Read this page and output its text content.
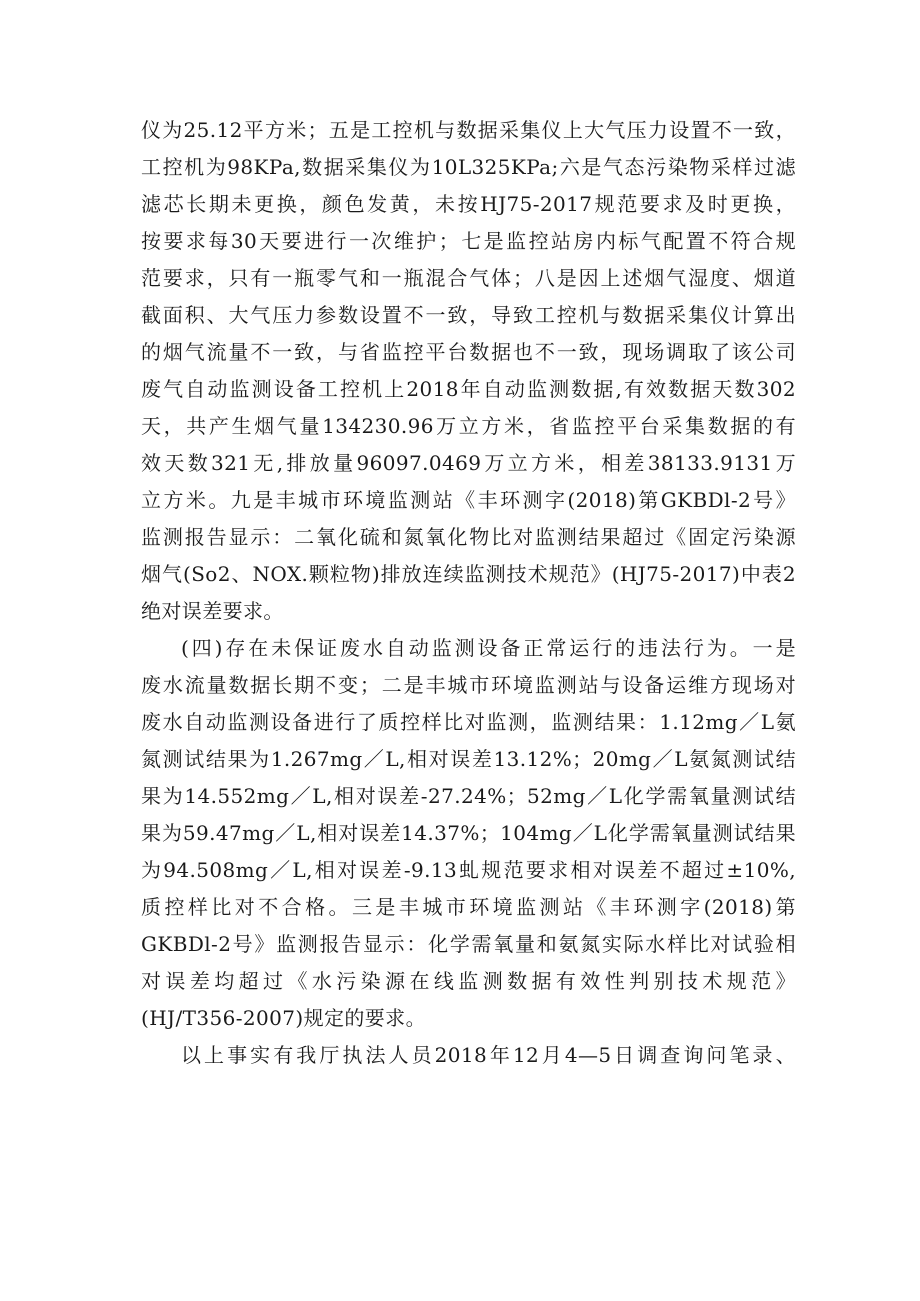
仪为25.12平方米；五是工控机与数据采集仪上大气压力设置不一致，
工控机为98KPa,数据采集仪为10L325KPa;六是气态污染物采样过滤
滤芯长期未更换，颜色发黄，未按HJ75-2017规范要求及时更换，
按要求每30天要进行一次维护；七是监控站房内标气配置不符合规
范要求，只有一瓶零气和一瓶混合气体；八是因上述烟气湿度、烟道
截面积、大气压力参数设置不一致，导致工控机与数据采集仪计算出
的烟气流量不一致，与省监控平台数据也不一致，现场调取了该公司
废气自动监测设备工控机上2018年自动监测数据,有效数据天数302
天，共产生烟气量134230.96万立方米，省监控平台采集数据的有
效天数321无,排放量96097.0469万立方米，相差38133.9131万
立方米。九是丰城市环境监测站《丰环测字(2018)第GKBDl-2号》
监测报告显示：二氧化硫和氮氧化物比对监测结果超过《固定污染源
烟气(So2、NOX.颗粒物)排放连续监测技术规范》(HJ75-2017)中表2
绝对误差要求。
(四)存在未保证废水自动监测设备正常运行的违法行为。一是
废水流量数据长期不变；二是丰城市环境监测站与设备运维方现场对
废水自动监测设备进行了质控样比对监测，监测结果：1.12mg／L氨
氮测试结果为1.267mg／L,相对误差13.12%；20mg／L氨氮测试结
果为14.552mg／L,相对误差-27.24%；52mg／L化学需氧量测试结
果为59.47mg／L,相对误差14.37%；104mg／L化学需氧量测试结果
为94.508mg／L,相对误差-9.13虬规范要求相对误差不超过±10%,
质控样比对不合格。三是丰城市环境监测站《丰环测字(2018)第
GKBDl-2号》监测报告显示：化学需氧量和氨氮实际水样比对试验相
对误差均超过《水污染源在线监测数据有效性判别技术规范》
(HJ/T356-2007)规定的要求。
以上事实有我厅执法人员2018年12月4—5日调查询问笔录、
